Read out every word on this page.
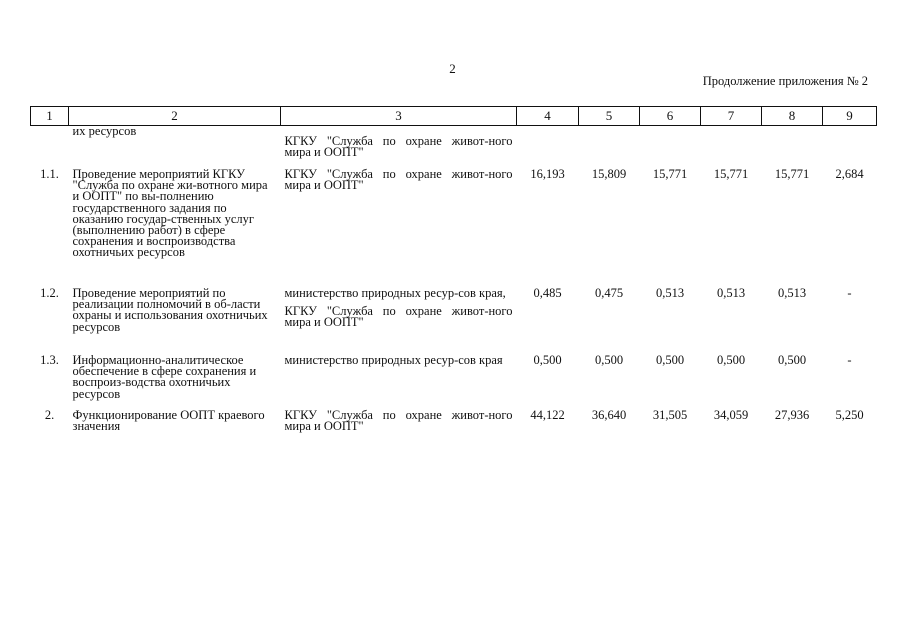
2
Продолжение приложения № 2
1	2	3	4	5	6	7	8	9
	их ресурсов	КГКУ "Служба по охране живот-ного мира и ООПТ"						

1.1.	Проведение мероприятий КГКУ "Служба по охране жи-вотного мира и ООПТ" по вы-полнению государственного задания по оказанию государ-ственных услуг (выполнению работ) в сфере сохранения и воспроизводства охотничьих ресурсов	КГКУ "Служба по охране живот-ного мира и ООПТ"	16,193	15,809	15,771	15,771	15,771	2,684
1.2.	Проведение мероприятий по реализации полномочий в об-ласти охраны и использования охотничьих ресурсов	министерство природных ресур-сов края,
КГКУ "Служба по охране живот-ного мира и ООПТ"	0,485	0,475	0,513	0,513	0,513	-
1.3.	Информационно-аналитическое обеспечение в сфере сохранения и воспроиз-водства охотничьих ресурсов	министерство природных ресур-сов края	0,500	0,500	0,500	0,500	0,500	-
2.	Функционирование ООПТ краевого значения	КГКУ "Служба по охране живот-ного мира и ООПТ"	44,122	36,640	31,505	34,059	27,936	5,250
